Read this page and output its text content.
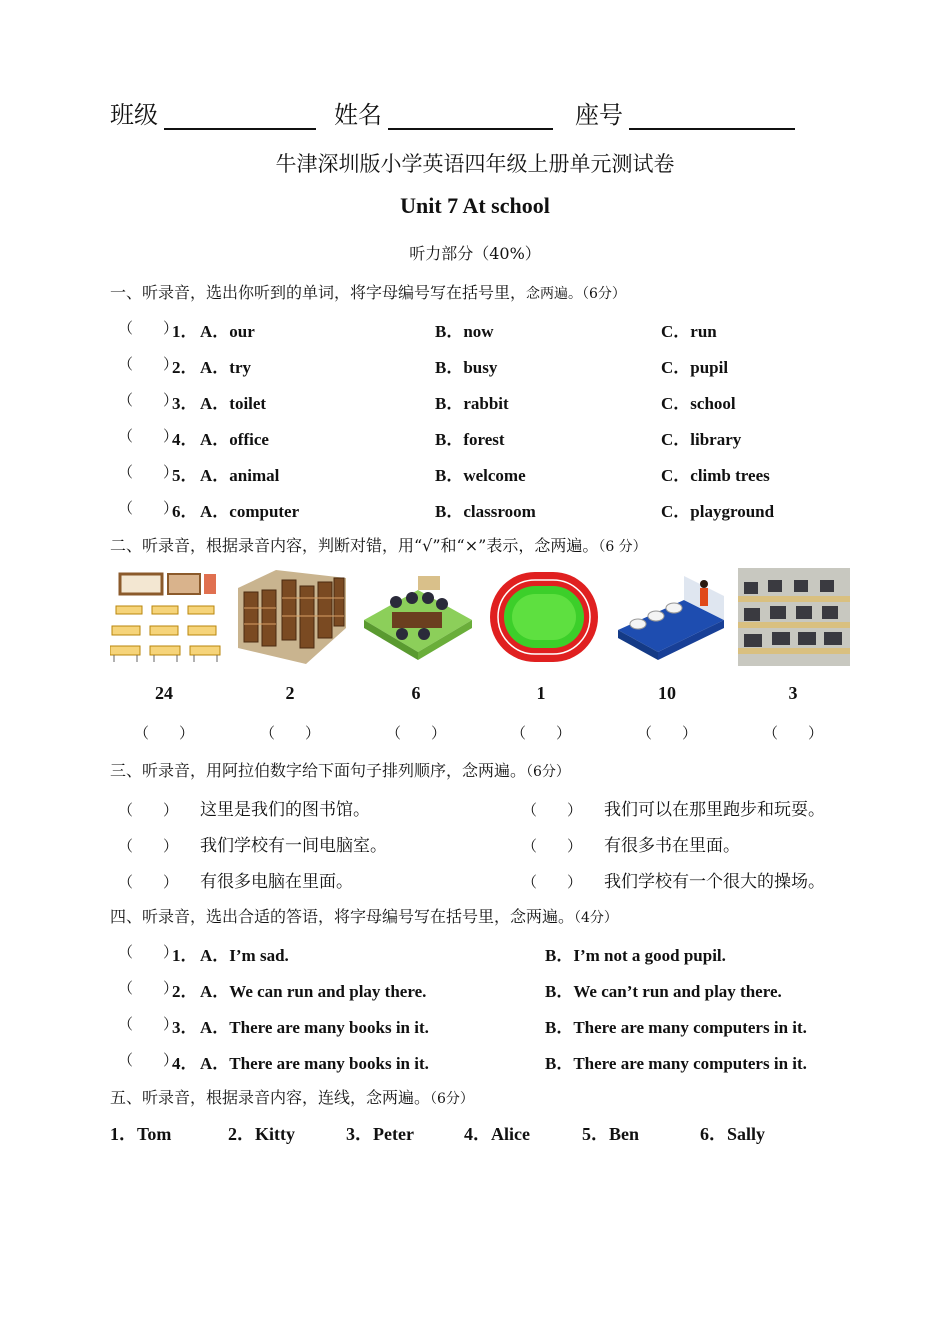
班级	姓名	座号
牛津深圳版小学英语四年级上册单元测试卷
Unit 7 At school
听力部分（40%）
一、听录音，选出你听到的单词，将字母编号写在括号里，念两遍。（6分）
（　　）
1． A．our	B．now	C．run
（　　）
2． A．try	B．busy	C．pupil
（　　）
3． A．toilet	B．rabbit	C．school
（　　）
4． A．office	B．forest	C．library
（　　）
5． A．animal	B．welcome	C．climb trees
（　　）
6． A．computer	B．classroom	C．playground
二、听录音，根据录音内容，判断对错，用“√”和“×”表示，念两遍。（6 分）
24
（　　）
2
（　　）
6
（　　）
1
（　　）
10
（　　）
3
（　　）
三、听录音，用阿拉伯数字给下面句子排列顺序，念两遍。（6分）
（　　） 这里是我们的图书馆。	（　　） 我们可以在那里跑步和玩耍。
（　　） 我们学校有一间电脑室。	（　　） 有很多书在里面。
（　　） 有很多电脑在里面。	（　　） 我们学校有一个很大的操场。
四、听录音，选出合适的答语，将字母编号写在括号里，念两遍。（4分）
（　　）
1． A．I’m sad.	B．I’m not a good pupil.
（　　）
2． A．We can run and play there.	B．We can’t run and play there.
（　　）
3． A．There are many books in it.	B．There are many computers in it.
（　　）
4． A．There are many books in it.	B．There are many computers in it.
五、听录音，根据录音内容，连线，念两遍。（6分）
1．Tom	2．Kitty	3．Peter	4．Alice	5．Ben	6．Sally
